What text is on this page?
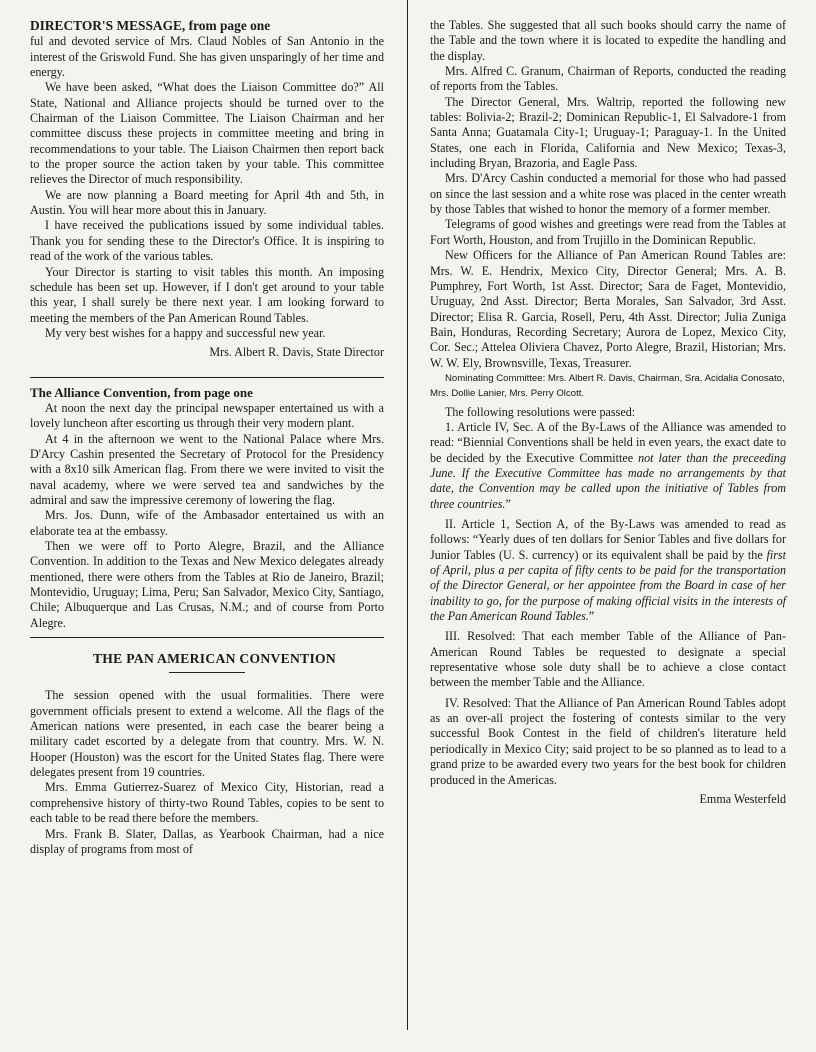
DIRECTOR'S MESSAGE, from page one

ful and devoted service of Mrs. Claud Nobles of San Antonio in the interest of the Griswold Fund. She has given unsparingly of her time and energy.

We have been asked, “What does the Liaison Committee do?” All State, National and Alliance projects should be turned over to the Chairman of the Liaison Committee. The Liaison Chairman and her committee discuss these projects in committee meeting and bring in recommendations to your table. The Liaison Chairmen then report back to the proper source the action taken by your table. This committee relieves the Director of much responsibility.

We are now planning a Board meeting for April 4th and 5th, in Austin. You will hear more about this in January.

I have received the publications issued by some individual tables. Thank you for sending these to the Director's Office. It is inspiring to read of the work of the various tables.

Your Director is starting to visit tables this month. An imposing schedule has been set up. However, if I don't get around to your table this year, I shall surely be there next year. I am looking forward to meeting the members of the Pan American Round Tables.

My very best wishes for a happy and successful new year.

Mrs. Albert R. Davis, State Director

The Alliance Convention, from page one

At noon the next day the principal newspaper entertained us with a lovely luncheon after escorting us through their very modern plant.

At 4 in the afternoon we went to the National Palace where Mrs. D'Arcy Cashin presented the Secretary of Protocol for the Presidency with a 8x10 silk American flag. From there we were invited to visit the naval academy, where we were served tea and sandwiches by the admiral and saw the impressive ceremony of lowering the flag.

Mrs. Jos. Dunn, wife of the Ambasador entertained us with an elaborate tea at the embassy.

Then we were off to Porto Alegre, Brazil, and the Alliance Convention. In addition to the Texas and New Mexico delegates already mentioned, there were others from the Tables at Rio de Janeiro, Brazil; Montevidio, Uruguay; Lima, Peru; San Salvador, Mexico City, Santiago, Chile; Albuquerque and Las Crusas, N.M.; and of course from Porto Alegre.

THE PAN AMERICAN CONVENTION

The session opened with the usual formalities. There were government officials present to extend a welcome. All the flags of the American nations were presented, in each case the bearer being a military cadet escorted by a delegate from that country. Mrs. W. N. Hooper (Houston) was the escort for the United States flag. There were delegates present from 19 countries.

Mrs. Emma Gutierrez-Suarez of Mexico City, Historian, read a comprehensive history of thirty-two Round Tables, copies to be sent to each table to be read there before the members.

Mrs. Frank B. Slater, Dallas, as Yearbook Chairman, had a nice display of programs from most of

the Tables. She suggested that all such books should carry the name of the Table and the town where it is located to expedite the handling and the display.

Mrs. Alfred C. Granum, Chairman of Reports, conducted the reading of reports from the Tables.

The Director General, Mrs. Waltrip, reported the following new tables: Bolivia-2; Brazil-2; Dominican Republic-1, El Salvadore-1 from Santa Anna; Guatamala City-1; Uruguay-1; Paraguay-1. In the United States, one each in Florida, California and New Mexico; Texas-3, including Bryan, Brazoria, and Eagle Pass.

Mrs. D'Arcy Cashin conducted a memorial for those who had passed on since the last session and a white rose was placed in the center wreath by those Tables that wished to honor the memory of a former member.

Telegrams of good wishes and greetings were read from the Tables at Fort Worth, Houston, and from Trujillo in the Dominican Republic.

New Officers for the Alliance of Pan American Round Tables are: Mrs. W. E. Hendrix, Mexico City, Director General; Mrs. A. B. Pumphrey, Fort Worth, 1st Asst. Director; Sara de Faget, Montevidio, Uruguay, 2nd Asst. Director; Berta Morales, San Salvador, 3rd Asst. Director; Elisa R. Garcia, Rosell, Peru, 4th Asst. Director; Julia Zuniga Bain, Honduras, Recording Secretary; Aurora de Lopez, Mexico City, Cor. Sec.; Attelea Oliviera Chavez, Porto Alegre, Brazil, Historian; Mrs. W. W. Ely, Brownsville, Texas, Treasurer.

Nominating Committee: Mrs. Albert R. Davis, Chairman, Sra. Acidalia Conosato, Mrs. Dollie Lanier, Mrs. Perry Olcott.

The following resolutions were passed:

1. Article IV, Sec. A of the By-Laws of the Alliance was amended to read: “Biennial Conventions shall be held in even years, the exact date to be decided by the Executive Committee not later than the preceeding June. If the Executive Committee has made no arrangements by that date, the Convention may be called upon the initiative of Tables from three countries.”

II. Article 1, Section A, of the By-Laws was amended to read as follows: “Yearly dues of ten dollars for Senior Tables and five dollars for Junior Tables (U. S. currency) or its equivalent shall be paid by the first of April, plus a per capita of fifty cents to be paid for the transportation of the Director General, or her appointee from the Board in case of her inability to go, for the purpose of making official visits in the interests of the Pan American Round Tables.”

III. Resolved: That each member Table of the Alliance of Pan-American Round Tables be requested to designate a special representative whose sole duty shall be to achieve a close contact between the member Table and the Alliance.

IV. Resolved: That the Alliance of Pan American Round Tables adopt as an over-all project the fostering of contests similar to the very successful Book Contest in the field of children's literature held periodically in Mexico City; said project to be so planned as to lead to a grand prize to be awarded every two years for the best book for children produced in the Americas.

Emma Westerfeld
